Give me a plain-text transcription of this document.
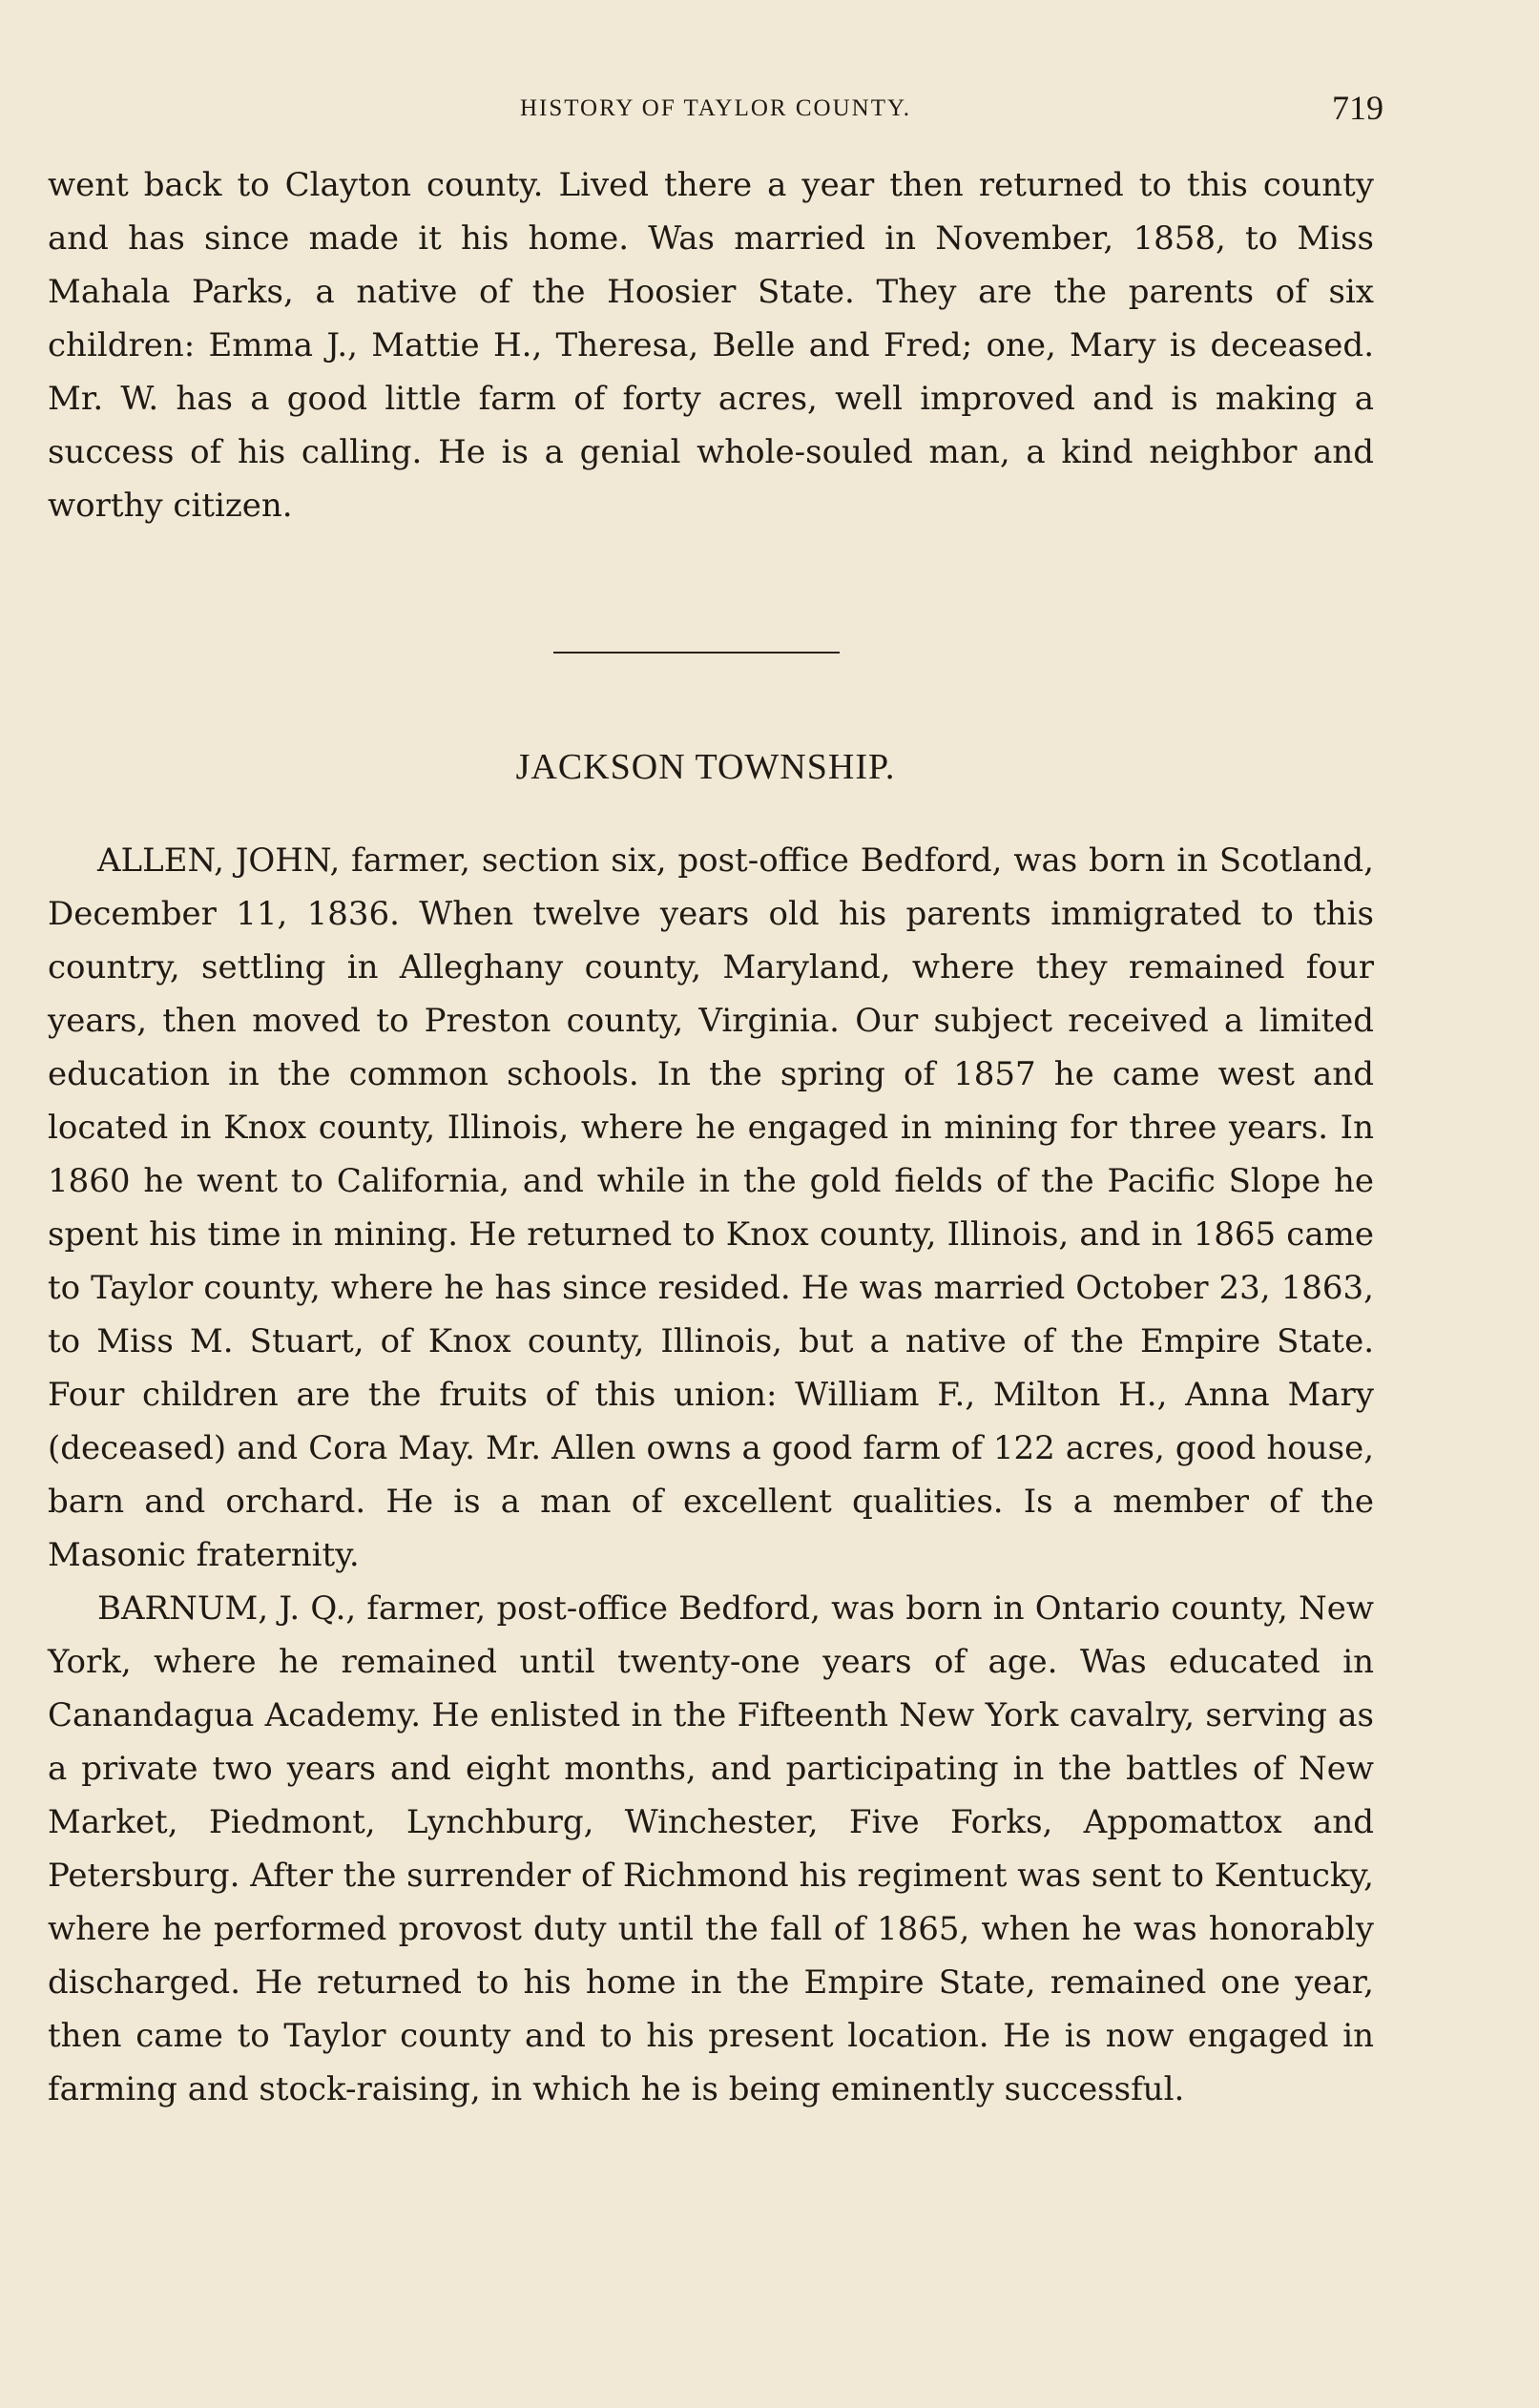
HISTORY OF TAYLOR COUNTY.	719

went back to Clayton county. Lived there a year then returned to this county and has since made it his home. Was married in November, 1858, to Miss Mahala Parks, a native of the Hoosier State. They are the parents of six children: Emma J., Mattie H., Theresa, Belle and Fred; one, Mary is deceased. Mr. W. has a good little farm of forty acres, well improved and is making a success of his calling. He is a genial whole-souled man, a kind neighbor and worthy citizen.

JACKSON TOWNSHIP.

ALLEN, JOHN, farmer, section six, post-office Bedford, was born in Scotland, December 11, 1836. When twelve years old his parents immigrated to this country, settling in Alleghany county, Maryland, where they remained four years, then moved to Preston county, Virginia. Our subject received a limited education in the common schools. In the spring of 1857 he came west and located in Knox county, Illinois, where he engaged in mining for three years. In 1860 he went to California, and while in the gold fields of the Pacific Slope he spent his time in mining. He returned to Knox county, Illinois, and in 1865 came to Taylor county, where he has since resided. He was married October 23, 1863, to Miss M. Stuart, of Knox county, Illinois, but a native of the Empire State. Four children are the fruits of this union: William F., Milton H., Anna Mary (deceased) and Cora May. Mr. Allen owns a good farm of 122 acres, good house, barn and orchard. He is a man of excellent qualities. Is a member of the Masonic fraternity.

BARNUM, J. Q., farmer, post-office Bedford, was born in Ontario county, New York, where he remained until twenty-one years of age. Was educated in Canandagua Academy. He enlisted in the Fifteenth New York cavalry, serving as a private two years and eight months, and participating in the battles of New Market, Piedmont, Lynchburg, Winchester, Five Forks, Appomattox and Petersburg. After the surrender of Richmond his regiment was sent to Kentucky, where he performed provost duty until the fall of 1865, when he was honorably discharged. He returned to his home in the Empire State, remained one year, then came to Taylor county and to his present location. He is now engaged in farming and stock-raising, in which he is being eminently successful.
